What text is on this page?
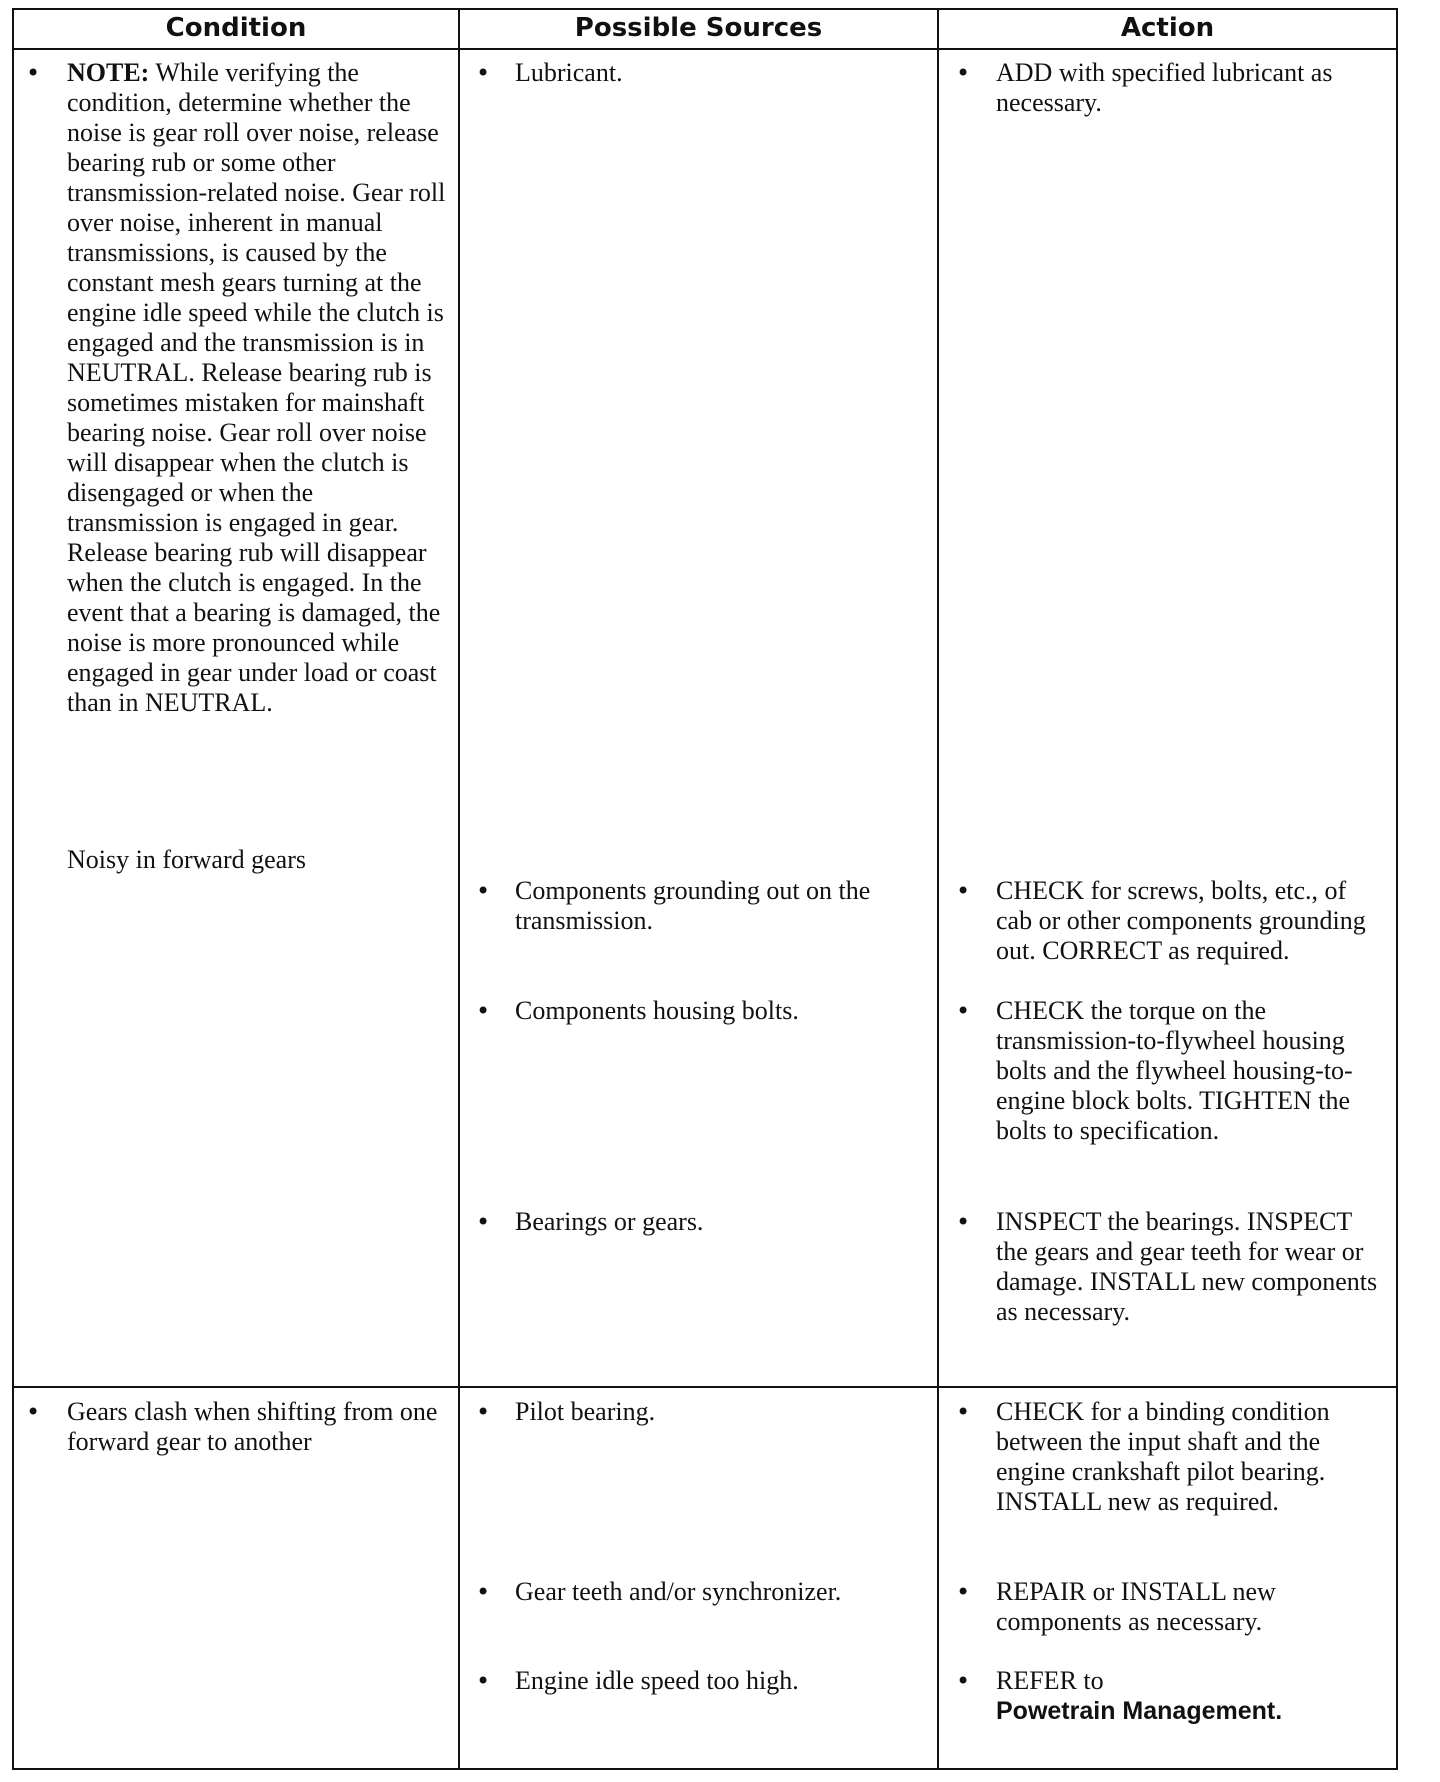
Condition	Possible Sources	Action
• NOTE: While verifying the condition, determine whether the noise is gear roll over noise, release bearing rub or some other transmission-related noise. Gear roll over noise, inherent in manual transmissions, is caused by the constant mesh gears turning at the engine idle speed while the clutch is engaged and the transmission is in NEUTRAL. Release bearing rub is sometimes mistaken for mainshaft bearing noise. Gear roll over noise will disappear when the clutch is disengaged or when the transmission is engaged in gear. Release bearing rub will disappear when the clutch is engaged. In the event that a bearing is damaged, the noise is more pronounced while engaged in gear under load or coast than in NEUTRAL.
Noisy in forward gears
• Lubricant.
• Components grounding out on the transmission.
• Components housing bolts.
• Bearings or gears.
• ADD with specified lubricant as necessary.
• CHECK for screws, bolts, etc., of cab or other components grounding out. CORRECT as required.
• CHECK the torque on the transmission-to-flywheel housing bolts and the flywheel housing-to-engine block bolts. TIGHTEN the bolts to specification.
• INSPECT the bearings. INSPECT the gears and gear teeth for wear or damage. INSTALL new components as necessary.
• Gears clash when shifting from one forward gear to another
• Pilot bearing.
• Gear teeth and/or synchronizer.
• Engine idle speed too high.
• CHECK for a binding condition between the input shaft and the engine crankshaft pilot bearing. INSTALL new as required.
• REPAIR or INSTALL new components as necessary.
• REFER to
Powetrain Management.
